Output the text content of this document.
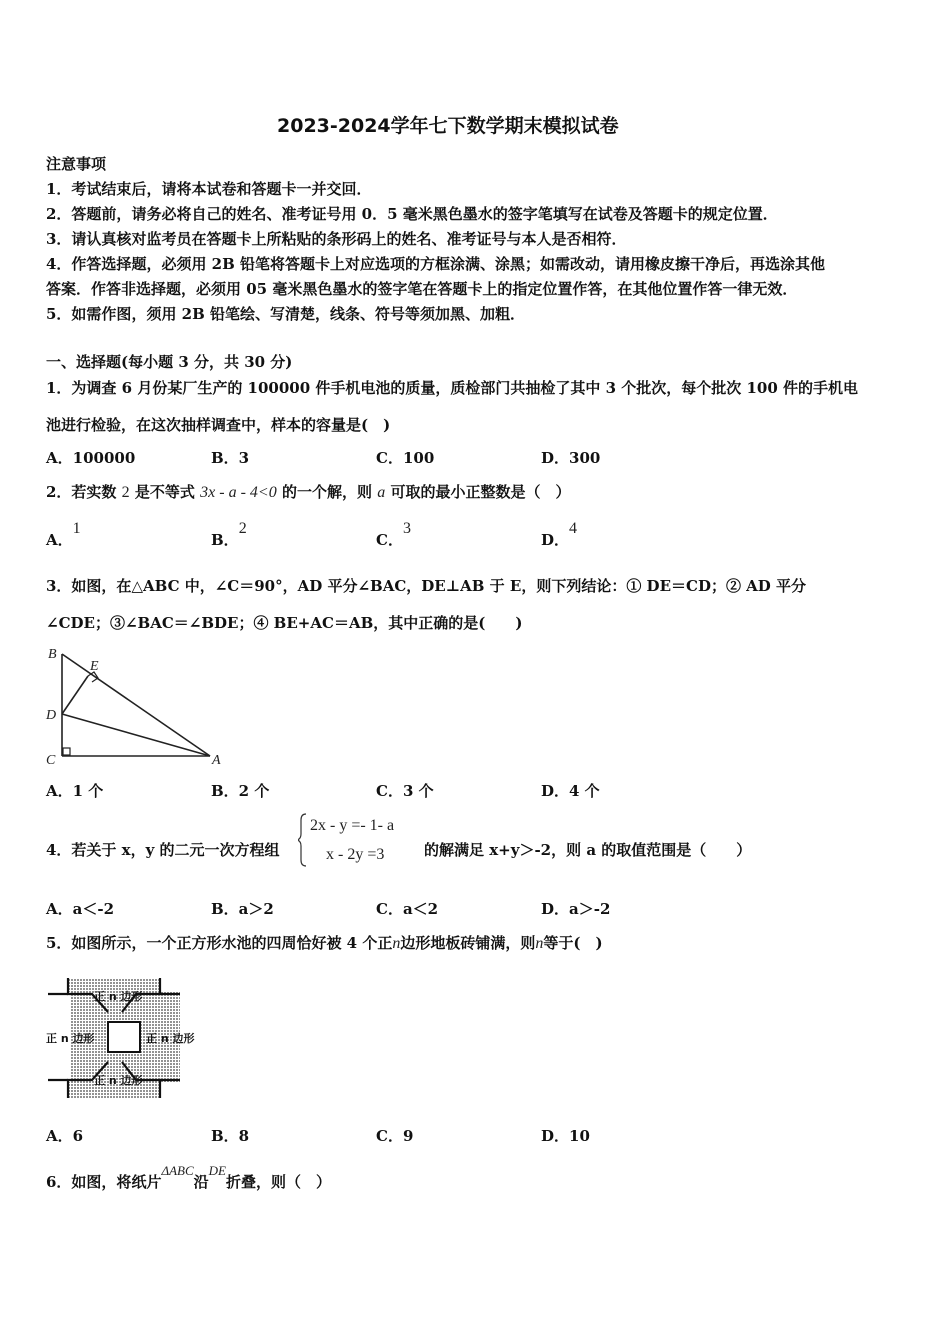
2023-2024学年七下数学期末模拟试卷
注意事项
1．考试结束后，请将本试卷和答题卡一并交回．
2．答题前，请务必将自己的姓名、准考证号用 0．5 毫米黑色墨水的签字笔填写在试卷及答题卡的规定位置．
3．请认真核对监考员在答题卡上所粘贴的条形码上的姓名、准考证号与本人是否相符．
4．作答选择题，必须用 2B 铅笔将答题卡上对应选项的方框涂满、涂黑；如需改动，请用橡皮擦干净后，再选涂其他
答案．作答非选择题，必须用 05 毫米黑色墨水的签字笔在答题卡上的指定位置作答，在其他位置作答一律无效．
5．如需作图，须用 2B 铅笔绘、写清楚，线条、符号等须加黑、加粗．
一、选择题(每小题 3 分，共 30 分)
1．为调查 6 月份某厂生产的 100000 件手机电池的质量，质检部门共抽检了其中 3 个批次，每个批次 100 件的手机电
池进行检验，在这次抽样调查中，样本的容量是(　)
A．100000	B．3	C．100	D．300
2．若实数 2 是不等式 3x - a - 4<0 的一个解，则 a 可取的最小正整数是（　）
A．1
B．2
C．3
D．4
3．如图，在△ABC 中，∠C＝90°，AD 平分∠BAC，DE⊥AB 于 E，则下列结论：① DE＝CD；② AD 平分
∠CDE；③∠BAC＝∠BDE；④ BE+AC＝AB，其中正确的是(　　)
B
E
D
C	A
A．1 个	B．2 个	C．3 个	D．4 个
4．若关于 x，y 的二元一次方程组
2x - y =- 1- a
x - 2y =3	的解满足 x+y＞-2，则 a 的取值范围是（　　）
A．a＜-2	B．a＞2	C．a＜2	D．a＞-2
5．如图所示，一个正方形水池的四周恰好被 4 个正n边形地板砖铺满，则n等于(　)
正 n 边形
正 n 边形	正 n 边形
正 n 边形
A．6	B．8	C．9	D．10
6．如图，将纸片ΔABC沿DE折叠，则（　）
